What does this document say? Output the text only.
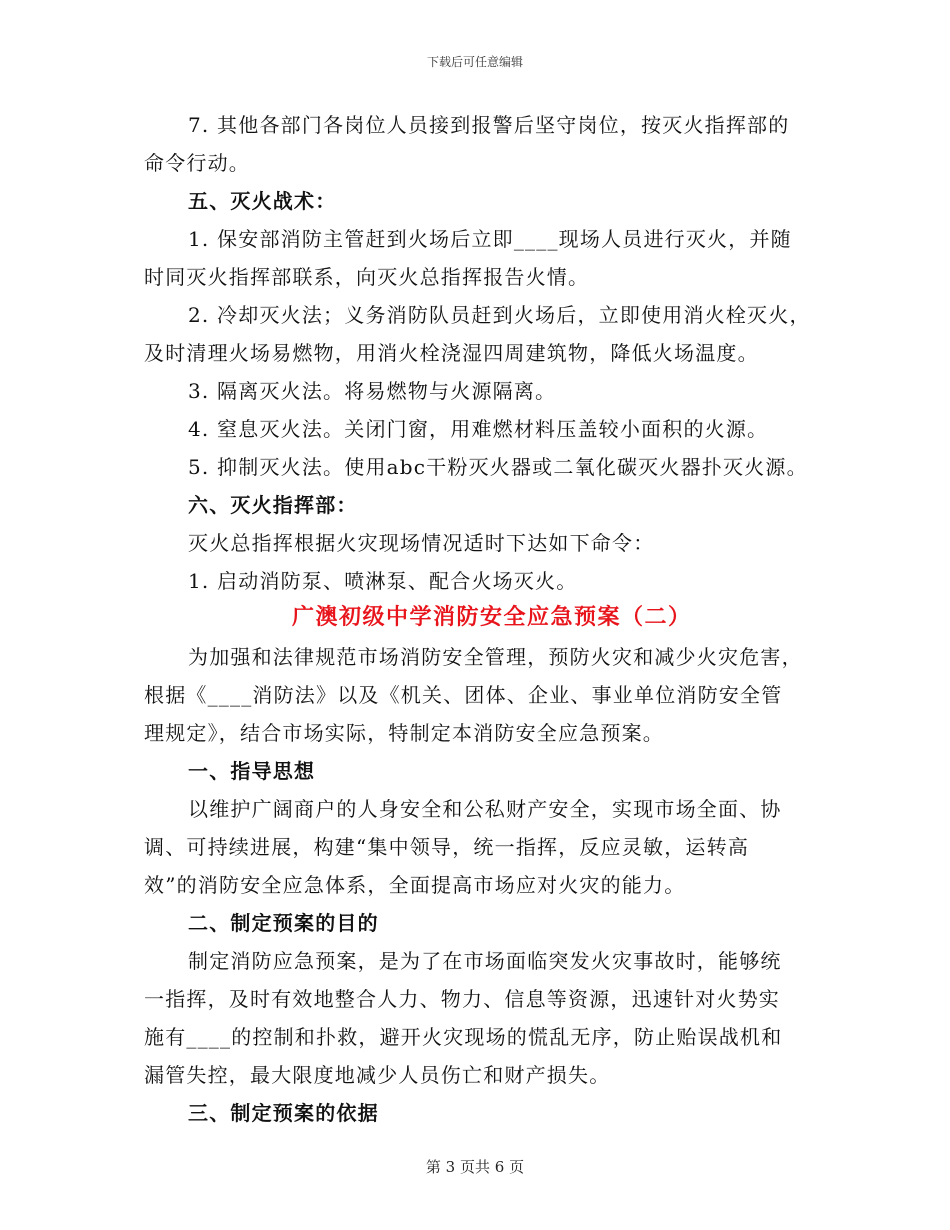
下载后可任意编辑
7. 其他各部门各岗位人员接到报警后坚守岗位，按灭火指挥部的
命令行动。
五、灭火战术：
1. 保安部消防主管赶到火场后立即____现场人员进行灭火，并随
时同灭火指挥部联系，向灭火总指挥报告火情。
2. 冷却灭火法；义务消防队员赶到火场后，立即使用消火栓灭火，
及时清理火场易燃物，用消火栓浇湿四周建筑物，降低火场温度。
3. 隔离灭火法。将易燃物与火源隔离。
4. 窒息灭火法。关闭门窗，用难燃材料压盖较小面积的火源。
5. 抑制灭火法。使用abc干粉灭火器或二氧化碳灭火器扑灭火源。
六、灭火指挥部：
灭火总指挥根据火灾现场情况适时下达如下命令：
1. 启动消防泵、喷淋泵、配合火场灭火。
广澳初级中学消防安全应急预案（二）
为加强和法律规范市场消防安全管理，预防火灾和减少火灾危害，
根据《____消防法》以及《机关、团体、企业、事业单位消防安全管
理规定》，结合市场实际，特制定本消防安全应急预案。
一、指导思想
以维护广阔商户的人身安全和公私财产安全，实现市场全面、协
调、可持续进展，构建“集中领导，统一指挥，反应灵敏，运转高
效”的消防安全应急体系，全面提高市场应对火灾的能力。
二、制定预案的目的
制定消防应急预案，是为了在市场面临突发火灾事故时，能够统
一指挥，及时有效地整合人力、物力、信息等资源，迅速针对火势实
施有____的控制和扑救，避开火灾现场的慌乱无序，防止贻误战机和
漏管失控，最大限度地减少人员伤亡和财产损失。
三、制定预案的依据
第 3 页共 6 页
